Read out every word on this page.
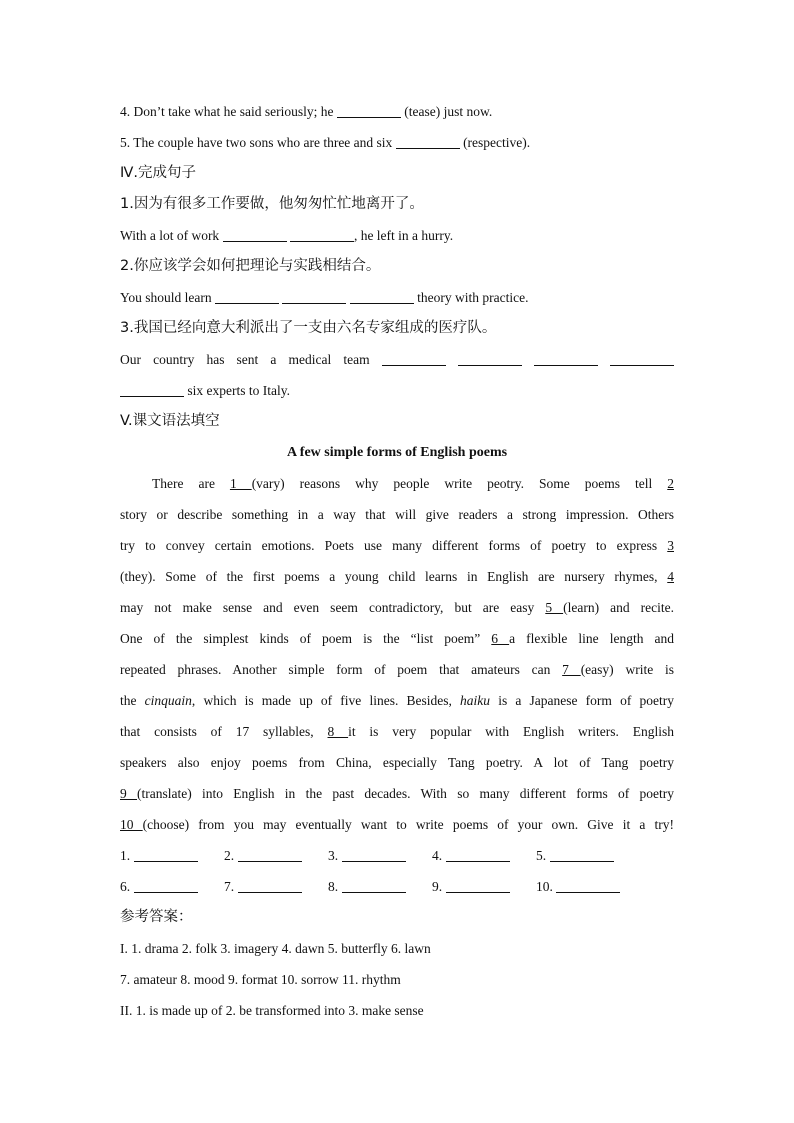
4. Don’t take what he said seriously; he	(tease) just now.
5. The couple have two sons who are three and six	(respective).
Ⅳ.完成句子
1.因为有很多工作要做，他匆匆忙忙地离开了。
With a lot of work	, he left in a hurry.
2.你应该学会如何把理论与实践相结合。
You should learn	theory with practice.
3.我国已经向意大利派出了一支由六名专家组成的医疗队。
Our country has sent a medical team
six experts to Italy.
V.课文语法填空
A few simple forms of English poems
There are 1 (vary) reasons why people write peotry. Some poems tell 2
story or describe something in a way that will give readers a strong impression. Others
try to convey certain emotions. Poets use many different forms of poetry to express 3
(they). Some of the first poems a young child learns in English are nursery rhymes, 4
may not make sense and even seem contradictory, but are easy 5 (learn) and recite.
One of the simplest kinds of poem is the “list poem” 6 a flexible line length and
repeated phrases. Another simple form of poem that amateurs can 7 (easy) write is
the cinquain, which is made up of five lines. Besides, haiku is a Japanese form of poetry
that consists of 17 syllables, 8 it is very popular with English writers. English
speakers also enjoy poems from China, especially Tang poetry. A lot of Tang poetry
9 (translate) into English in the past decades. With so many different forms of poetry
10 (choose) from you may eventually want to write poems of your own. Give it a try!
1.	2.	3.	4.	5.
6.	7.	8.	9.	10.
参考答案：
I. 1. drama 2. folk 3. imagery 4. dawn 5. butterfly 6. lawn
7. amateur 8. mood 9. format 10. sorrow 11. rhythm
II. 1. is made up of 2. be transformed into 3. make sense
